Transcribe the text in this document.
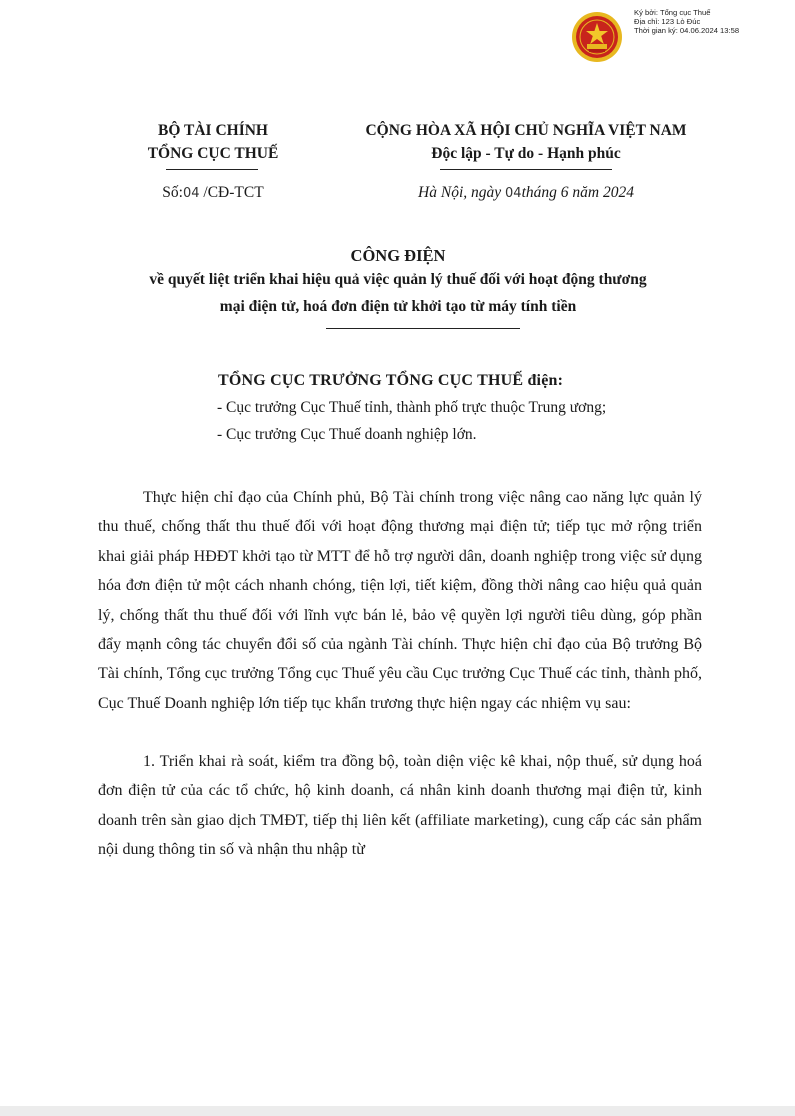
Ký bởi: Tổng cục Thuế
Địa chỉ: 123 Lò Đúc
Thời gian ký: 04.06.2024 13:58
BỘ TÀI CHÍNH
TỔNG CỤC THUẾ
CỘNG HÒA XÃ HỘI CHỦ NGHĨA VIỆT NAM
Độc lập - Tự do - Hạnh phúc
Số:04 /CĐ-TCT	Hà Nội, ngày 04tháng 6 năm 2024
CÔNG ĐIỆN
về quyết liệt triển khai hiệu quả việc quản lý thuế đối với hoạt động thương
mại điện tử, hoá đơn điện tử khởi tạo từ máy tính tiền
TỔNG CỤC TRƯỞNG TỔNG CỤC THUẾ điện:
- Cục trưởng Cục Thuế tỉnh, thành phố trực thuộc Trung ương;
- Cục trưởng Cục Thuế doanh nghiệp lớn.

Thực hiện chỉ đạo của Chính phủ, Bộ Tài chính trong việc nâng cao năng lực quản lý thu thuế, chống thất thu thuế đối với hoạt động thương mại điện tử; tiếp tục mở rộng triển khai giải pháp HĐĐT khởi tạo từ MTT để hỗ trợ người dân, doanh nghiệp trong việc sử dụng hóa đơn điện tử một cách nhanh chóng, tiện lợi, tiết kiệm, đồng thời nâng cao hiệu quả quản lý, chống thất thu thuế đối với lĩnh vực bán lẻ, bảo vệ quyền lợi người tiêu dùng, góp phần đẩy mạnh công tác chuyển đổi số của ngành Tài chính. Thực hiện chỉ đạo của Bộ trưởng Bộ Tài chính, Tổng cục trưởng Tổng cục Thuế yêu cầu Cục trưởng Cục Thuế các tỉnh, thành phố, Cục Thuế Doanh nghiệp lớn tiếp tục khẩn trương thực hiện ngay các nhiệm vụ sau:

1. Triển khai rà soát, kiểm tra đồng bộ, toàn diện việc kê khai, nộp thuế, sử dụng hoá đơn điện tử của các tổ chức, hộ kinh doanh, cá nhân kinh doanh thương mại điện tử, kinh doanh trên sàn giao dịch TMĐT, tiếp thị liên kết (affiliate marketing), cung cấp các sản phẩm nội dung thông tin số và nhận thu nhập từ
